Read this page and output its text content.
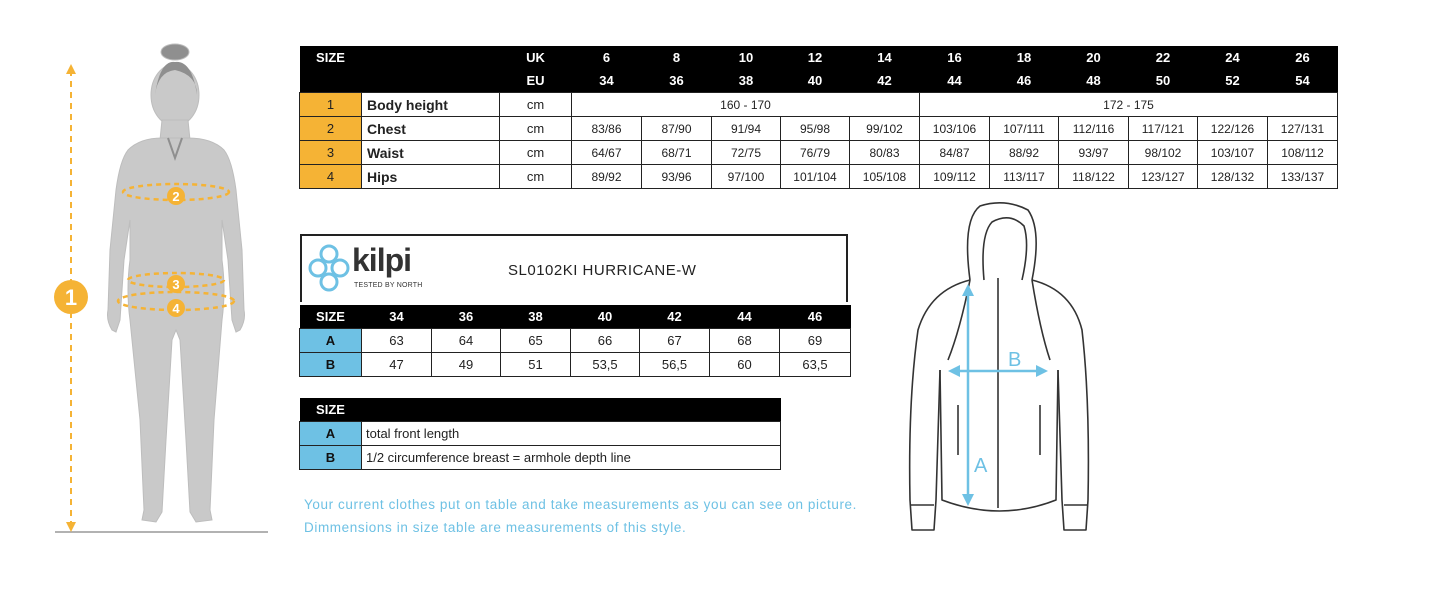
1
2
3
4
SIZE		UK	6	8	10	12	14	16	18	20	22	24	26
		EU	34	36	38	40	42	44	46	48	50	52	54
1	Body height	cm	160 - 170					172 - 175					
2	Chest	cm	83/86	87/90	91/94	95/98	99/102	103/106	107/111	112/116	117/121	122/126	127/131
3	Waist	cm	64/67	68/71	72/75	76/79	80/83	84/87	88/92	93/97	98/102	103/107	108/112
4	Hips	cm	89/92	93/96	97/100	101/104	105/108	109/112	113/117	118/122	123/127	128/132	133/137
kilpi
TESTED BY NORTH
SL0102KI HURRICANE-W
SIZE	34	36	38	40	42	44	46
A	63	64	65	66	67	68	69
B	47	49	51	53,5	56,5	60	63,5
SIZE	
A	total front length
B	1/2 circumference breast = armhole depth line
Your current clothes put on table and take measurements as you can see on picture.
Dimmensions in size table are measurements of this style.
A
B
